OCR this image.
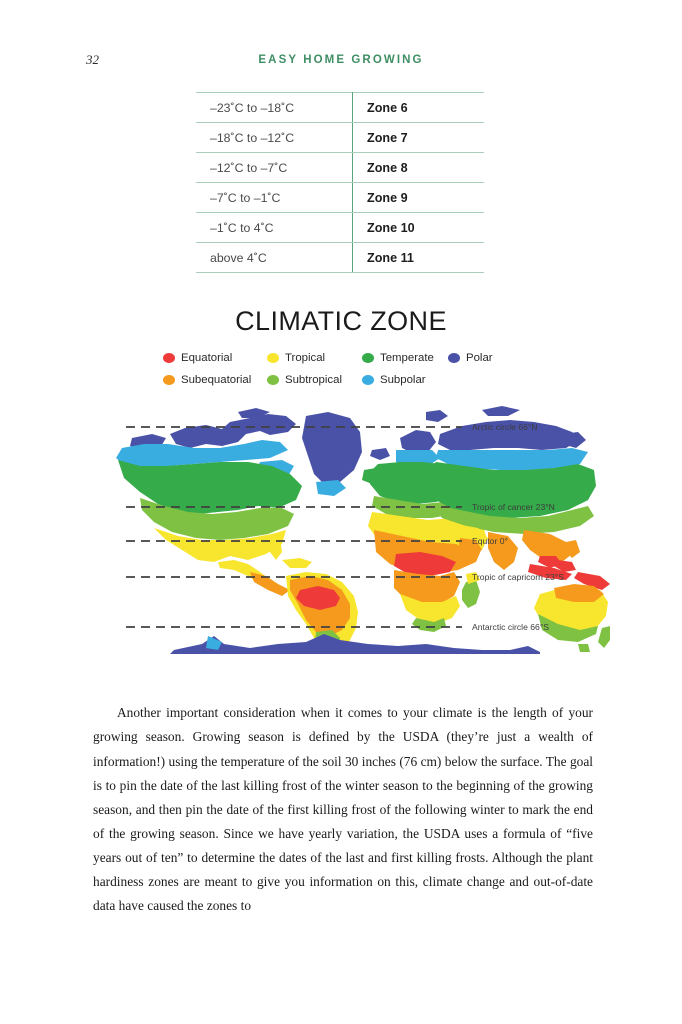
32	EASY HOME GROWING
–23˚C to –18˚C	Zone 6
–18˚C to –12˚C	Zone 7
–12˚C to –7˚C	Zone 8
–7˚C to –1˚C	Zone 9
–1˚C to 4˚C	Zone 10
above 4˚C	Zone 11
CLIMATIC ZONE
Equatorial	Tropical	Temperate	Polar
Subequatorial	Subtropical	Subpolar
Arctic circle 66°N
Tropic of cancer 23°N
Equtor 0°
Tropic of capricorn 23°S
Antarctic circle 66°S

Another important consideration when it comes to your climate is the length of your growing season. Growing season is defined by the USDA (they’re just a wealth of information!) using the temperature of the soil 30 inches (76 cm) below the surface. The goal is to pin the date of the last killing frost of the winter season to the beginning of the growing season, and then pin the date of the first killing frost of the following winter to mark the end of the growing season. Since we have yearly variation, the USDA uses a formula of “five years out of ten” to determine the dates of the last and first killing frosts. Although the plant hardiness zones are meant to give you information on this, climate change and out-of-date data have caused the zones to
